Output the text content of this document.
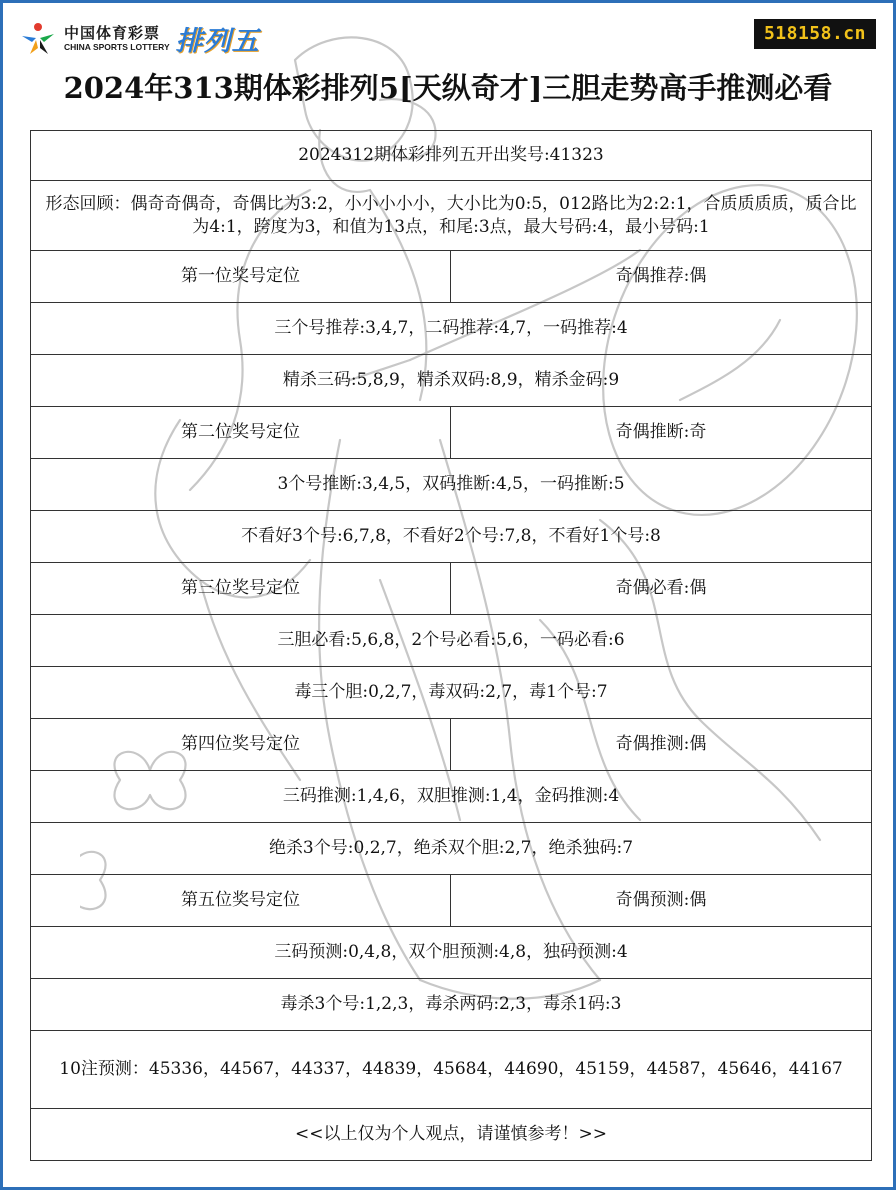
中国体育彩票
CHINA SPORTS LOTTERY 排列五	518158.cn
2024年313期体彩排列5[天纵奇才]三胆走势高手推测必看
2024312期体彩排列五开出奖号:41323	
形态回顾：偶奇奇偶奇，奇偶比为3:2，小小小小小，大小比为0:5，012路比为2:2:1，合质质质质，质合比为4:1，跨度为3，和值为13点，和尾:3点，最大号码:4，最小号码:1	
第一位奖号定位	奇偶推荐:偶
三个号推荐:3,4,7，二码推荐:4,7，一码推荐:4	
精杀三码:5,8,9，精杀双码:8,9，精杀金码:9	
第二位奖号定位	奇偶推断:奇
3个号推断:3,4,5，双码推断:4,5，一码推断:5	
不看好3个号:6,7,8，不看好2个号:7,8，不看好1个号:8	
第三位奖号定位	奇偶必看:偶
三胆必看:5,6,8，2个号必看:5,6，一码必看:6	
毒三个胆:0,2,7，毒双码:2,7，毒1个号:7	
第四位奖号定位	奇偶推测:偶
三码推测:1,4,6，双胆推测:1,4，金码推测:4	
绝杀3个号:0,2,7，绝杀双个胆:2,7，绝杀独码:7	
第五位奖号定位	奇偶预测:偶
三码预测:0,4,8，双个胆预测:4,8，独码预测:4	
毒杀3个号:1,2,3，毒杀两码:2,3，毒杀1码:3	
10注预测：45336，44567，44337，44839，45684，44690，45159，44587，45646，44167	
<<以上仅为个人观点，请谨慎参考！>>	
